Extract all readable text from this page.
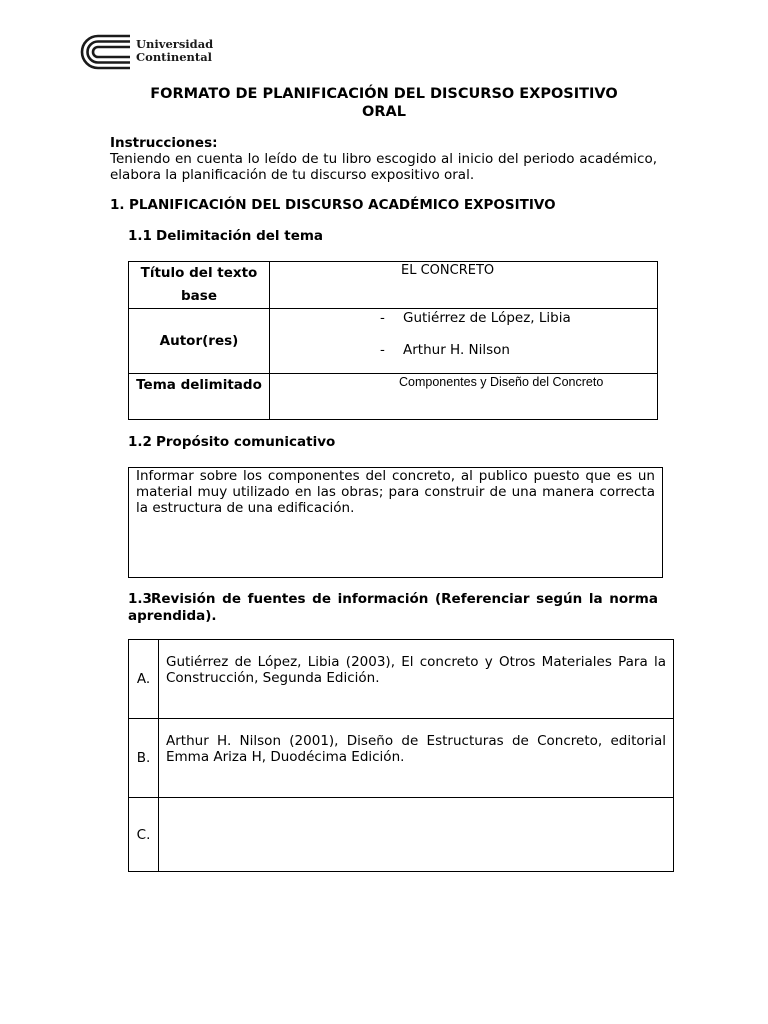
Universidad
Continental
FORMATO DE PLANIFICACIÓN DEL DISCURSO EXPOSITIVO
ORAL
Instrucciones:
Teniendo en cuenta lo leído de tu libro escogido al inicio del periodo académico, elabora la planificación de tu discurso expositivo oral.
1. PLANIFICACIÓN DEL DISCURSO ACADÉMICO EXPOSITIVO
1.1 Delimitación del tema
Título del texto base	EL CONCRETO

Autor(res)	- Gutiérrez de López, Libia
- Arthur H. Nilson

Tema delimitado	Componentes y Diseño del Concreto
1.2 Propósito comunicativo
Informar sobre los componentes del concreto, al publico puesto que es un material muy utilizado en las obras; para construir de una manera correcta la estructura de una edificación.
1.3Revisión de fuentes de información (Referenciar según la norma aprendida).
A.	Gutiérrez de López, Libia (2003), El concreto y Otros Materiales Para la Construcción, Segunda Edición.
B.	Arthur H. Nilson (2001), Diseño de Estructuras de Concreto, editorial Emma Ariza H, Duodécima Edición.
C.	
